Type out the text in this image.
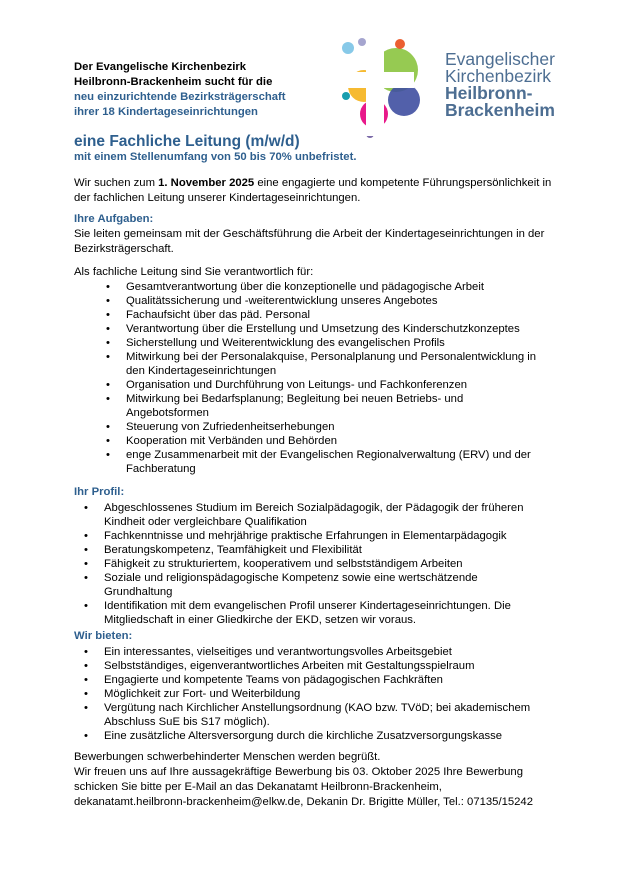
Der Evangelische Kirchenbezirk
Heilbronn-Brackenheim sucht für die
neu einzurichtende Bezirksträgerschaft
ihrer 18 Kindertageseinrichtungen
Evangelischer
Kirchenbezirk
Heilbronn-
Brackenheim
eine Fachliche Leitung (m/w/d)
mit einem Stellenumfang von 50 bis 70% unbefristet.
Wir suchen zum 1. November 2025 eine engagierte und kompetente Führungspersönlichkeit in der fachlichen Leitung unserer Kindertageseinrichtungen.
Ihre Aufgaben:
Sie leiten gemeinsam mit der Geschäftsführung die Arbeit der Kindertageseinrichtungen in der Bezirksträgerschaft.
Als fachliche Leitung sind Sie verantwortlich für:
• Gesamtverantwortung über die konzeptionelle und pädagogische Arbeit
• Qualitätssicherung und -weiterentwicklung unseres Angebotes
• Fachaufsicht über das päd. Personal
• Verantwortung über die Erstellung und Umsetzung des Kinderschutzkonzeptes
• Sicherstellung und Weiterentwicklung des evangelischen Profils
• Mitwirkung bei der Personalakquise, Personalplanung und Personalentwicklung in den Kindertageseinrichtungen
• Organisation und Durchführung von Leitungs- und Fachkonferenzen
• Mitwirkung bei Bedarfsplanung; Begleitung bei neuen Betriebs- und Angebotsformen
• Steuerung von Zufriedenheitserhebungen
• Kooperation mit Verbänden und Behörden
• enge Zusammenarbeit mit der Evangelischen Regionalverwaltung (ERV) und der Fachberatung
Ihr Profil:
• Abgeschlossenes Studium im Bereich Sozialpädagogik, der Pädagogik der früheren Kindheit oder vergleichbare Qualifikation
• Fachkenntnisse und mehrjährige praktische Erfahrungen in Elementarpädagogik
• Beratungskompetenz, Teamfähigkeit und Flexibilität
• Fähigkeit zu strukturiertem, kooperativem und selbstständigem Arbeiten
• Soziale und religionspädagogische Kompetenz sowie eine wertschätzende Grundhaltung
• Identifikation mit dem evangelischen Profil unserer Kindertageseinrichtungen. Die Mitgliedschaft in einer Gliedkirche der EKD, setzen wir voraus.
Wir bieten:
• Ein interessantes, vielseitiges und verantwortungsvolles Arbeitsgebiet
• Selbstständiges, eigenverantwortliches Arbeiten mit Gestaltungsspielraum
• Engagierte und kompetente Teams von pädagogischen Fachkräften
• Möglichkeit zur Fort- und Weiterbildung
• Vergütung nach Kirchlicher Anstellungsordnung (KAO bzw. TVöD; bei akademischem Abschluss SuE bis S17 möglich).
• Eine zusätzliche Altersversorgung durch die kirchliche Zusatzversorgungskasse
Bewerbungen schwerbehinderter Menschen werden begrüßt.
Wir freuen uns auf Ihre aussagekräftige Bewerbung bis 03. Oktober 2025 Ihre Bewerbung schicken Sie bitte per E-Mail an das Dekanatamt Heilbronn-Brackenheim, dekanatamt.heilbronn-brackenheim@elkw.de, Dekanin Dr. Brigitte Müller, Tel.: 07135/15242
